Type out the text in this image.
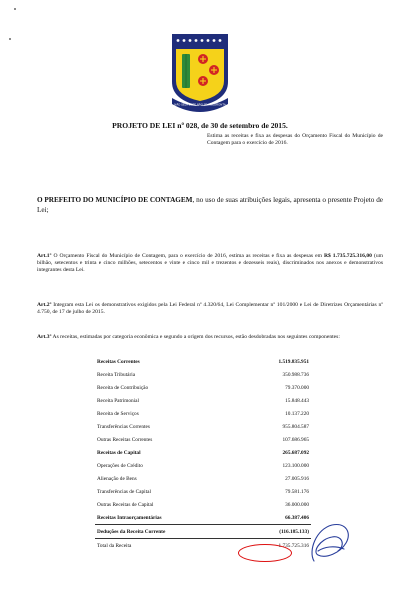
NÃO SEJA ESTE NÃO SE AMEDRONTA
PROJETO DE LEI nº 028, de 30 de setembro de 2015.
Estima as receitas e fixa as despesas do Orçamento Fiscal do Município de Contagem para o exercício de 2016.
O PREFEITO DO MUNICÍPIO DE CONTAGEM, no uso de suas atribuições legais, apresenta o presente Projeto de Lei;
Art.1º O Orçamento Fiscal do Município de Contagem, para o exercício de 2016, estima as receitas e fixa as despesas em R$ 1.735.725.316,00 (um bilhão, setecentos e trinta e cinco milhões, setecentos e vinte e cinco mil e trezentos e dezesseis reais), discriminados nos anexos e demonstrativos integrantes desta Lei.
Art.2º Integram esta Lei os demonstrativos exigidos pela Lei Federal nº 4.320/64, Lei Complementar nº 101/2000 e Lei de Diretrizes Orçamentárias nº 4.750, de 17 de julho de 2015.
Art.3º As receitas, estimadas por categoria econômica e segundo a origem dos recursos, estão desdobradas nos seguintes componentes:
Receitas Correntes	1.519.835.951
Receita Tributária	350.988.736
Receita de Contribuição	79.370.000
Receita Patrimonial	15.848.443
Receita de Serviços	10.137.220
Transferências Correntes	955.804.587
Outras Receitas Correntes	107.686.965
Receitas de Capital	265.687.092
Operações de Crédito	123.100.000
Alienação de Bens	27.005.916
Transferências de Capital	79.581.176
Outras Receitas de Capital	36.000.000
Receitas Intraorçamentárias	66.387.406
Deduções da Receita Corrente	(116.185.133)
Total da Receita	1.735.725.316
